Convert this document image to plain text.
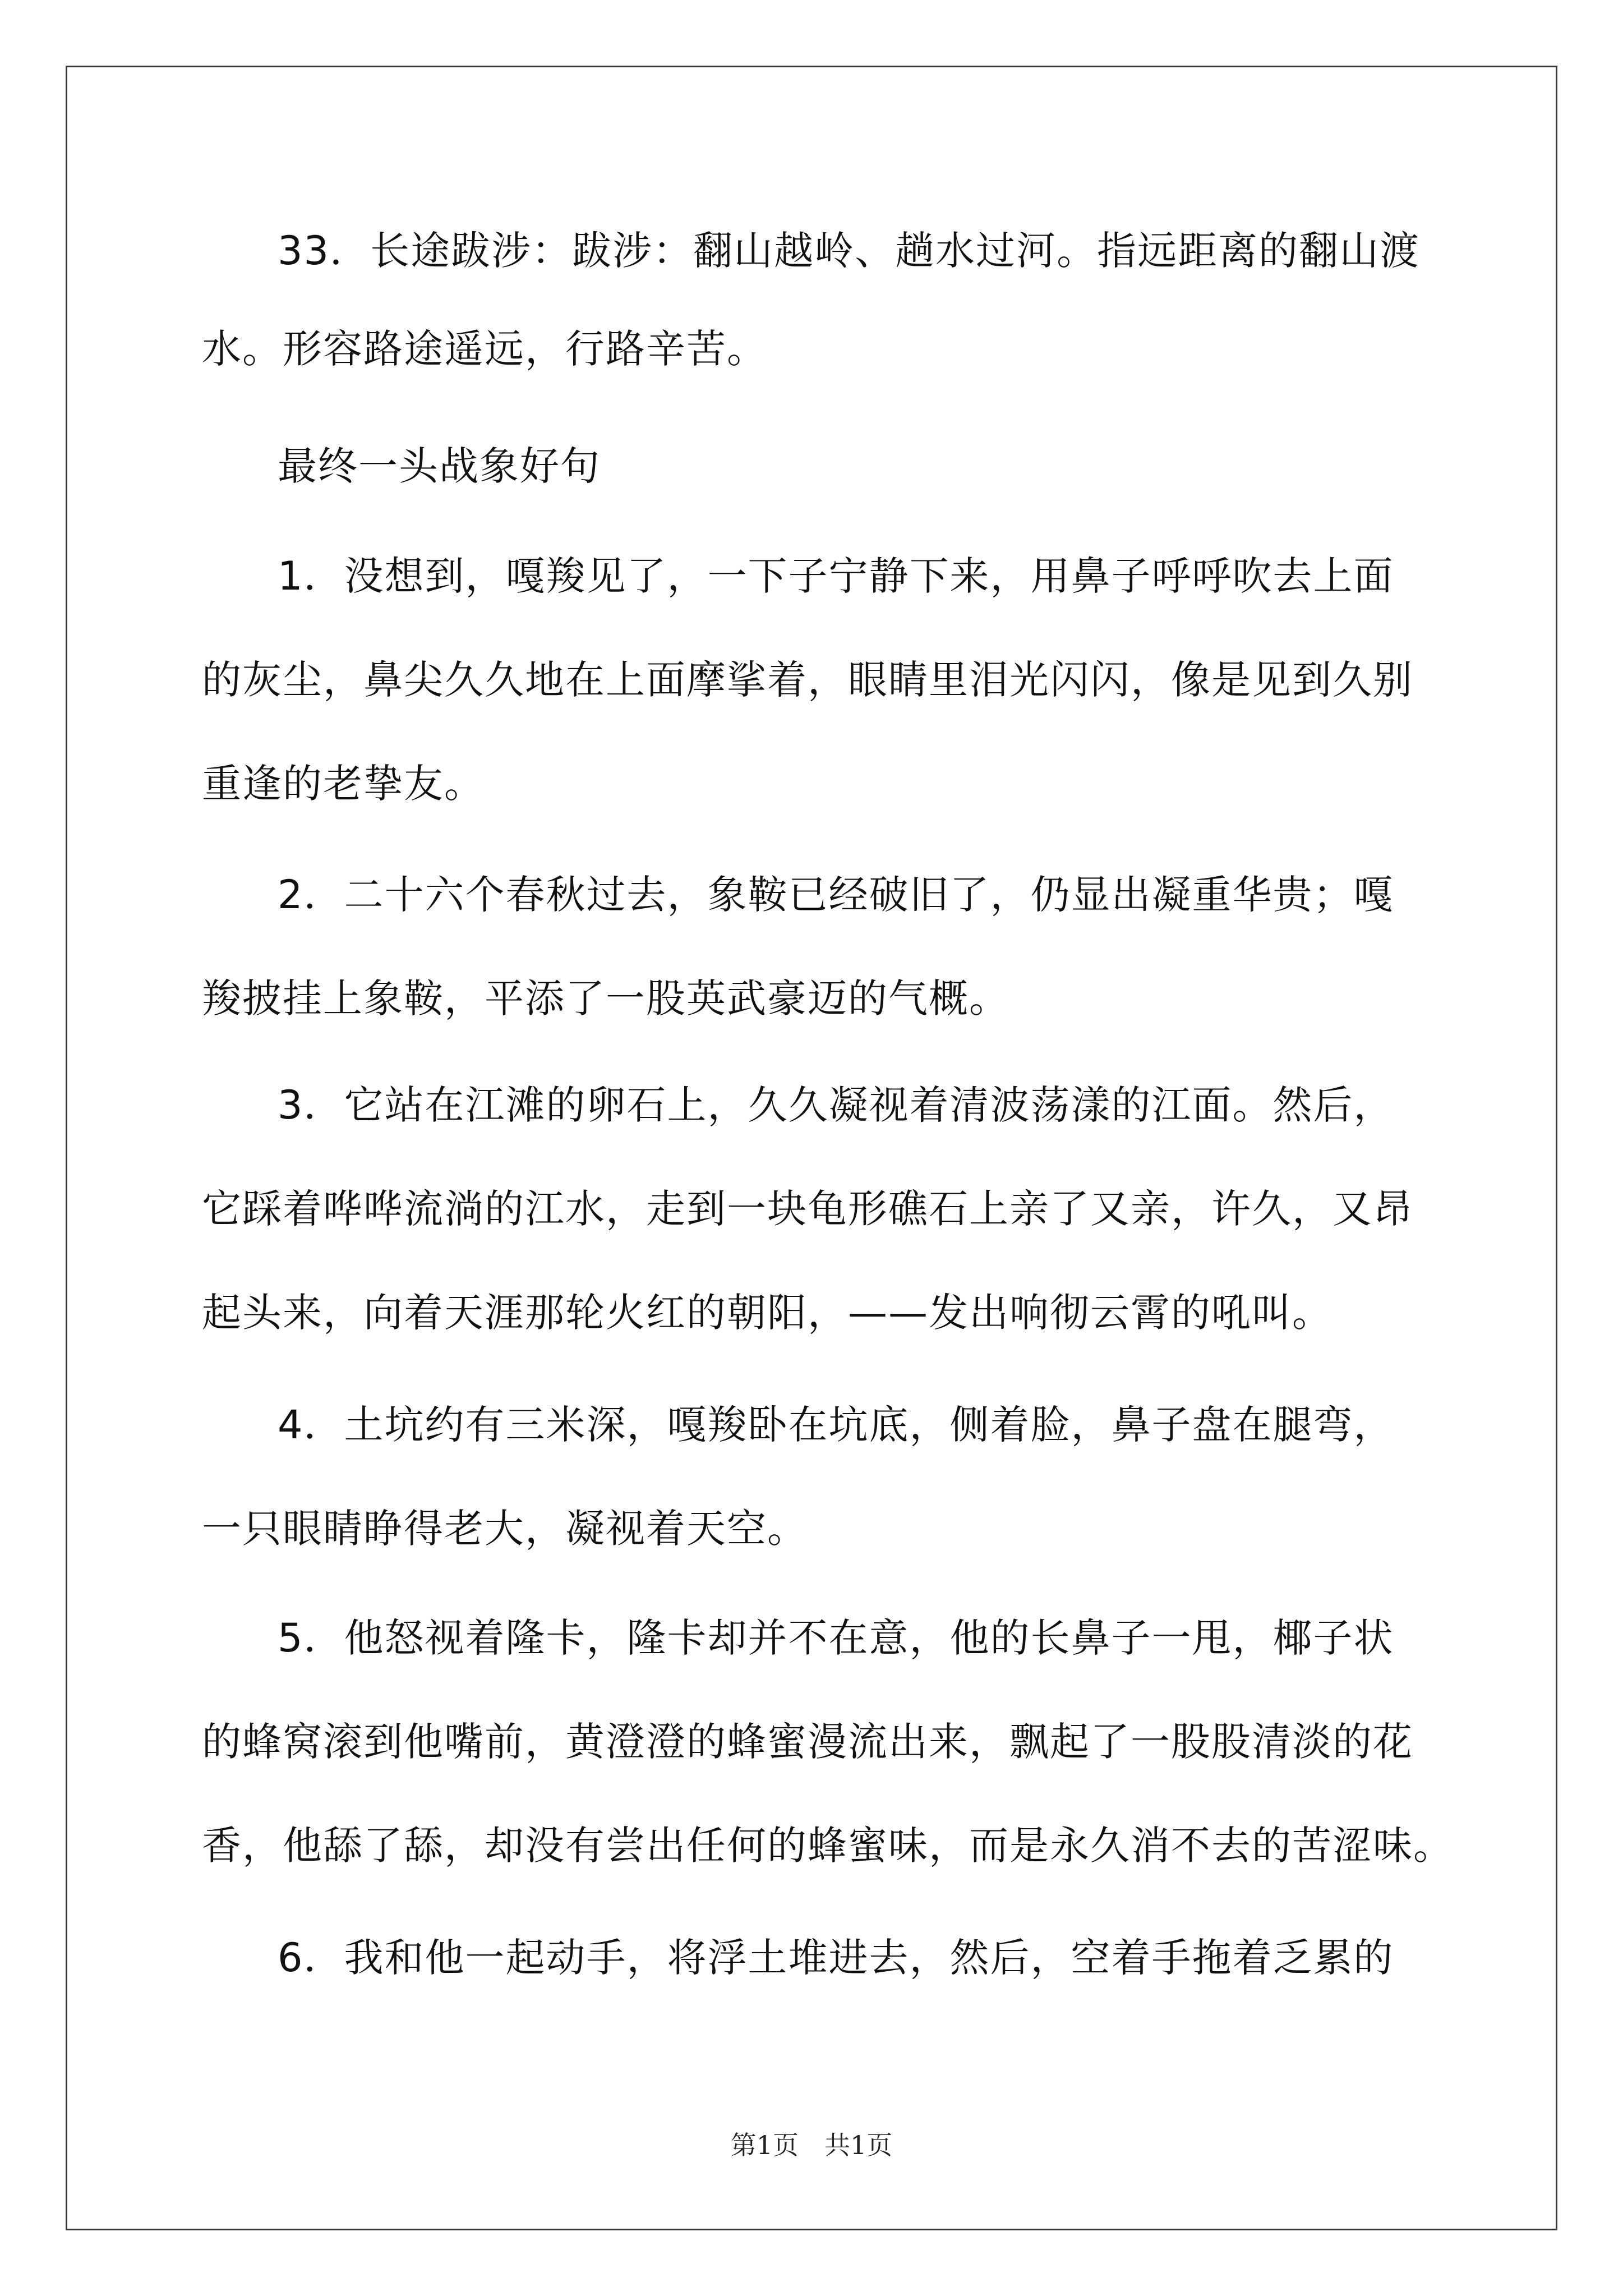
33．长途跋涉：跋涉：翻山越岭、趟水过河。指远距离的翻山渡
水。形容路途遥远，行路辛苦。
最终一头战象好句
1．没想到，嘎羧见了，一下子宁静下来，用鼻子呼呼吹去上面
的灰尘，鼻尖久久地在上面摩挲着，眼睛里泪光闪闪，像是见到久别
重逢的老挚友。
2．二十六个春秋过去，象鞍已经破旧了，仍显出凝重华贵；嘎
羧披挂上象鞍，平添了一股英武豪迈的气概。
3．它站在江滩的卵石上，久久凝视着清波荡漾的江面。然后，
它踩着哗哗流淌的江水，走到一块龟形礁石上亲了又亲，许久，又昂
起头来，向着天涯那轮火红的朝阳，——发出响彻云霄的吼叫。
4．土坑约有三米深，嘎羧卧在坑底，侧着脸，鼻子盘在腿弯，
一只眼睛睁得老大，凝视着天空。
5．他怒视着隆卡，隆卡却并不在意，他的长鼻子一甩，椰子状
的蜂窝滚到他嘴前，黄澄澄的蜂蜜漫流出来，飘起了一股股清淡的花
香，他舔了舔，却没有尝出任何的蜂蜜味，而是永久消不去的苦涩味。
6．我和他一起动手，将浮土堆进去，然后，空着手拖着乏累的
第1页　共1页
